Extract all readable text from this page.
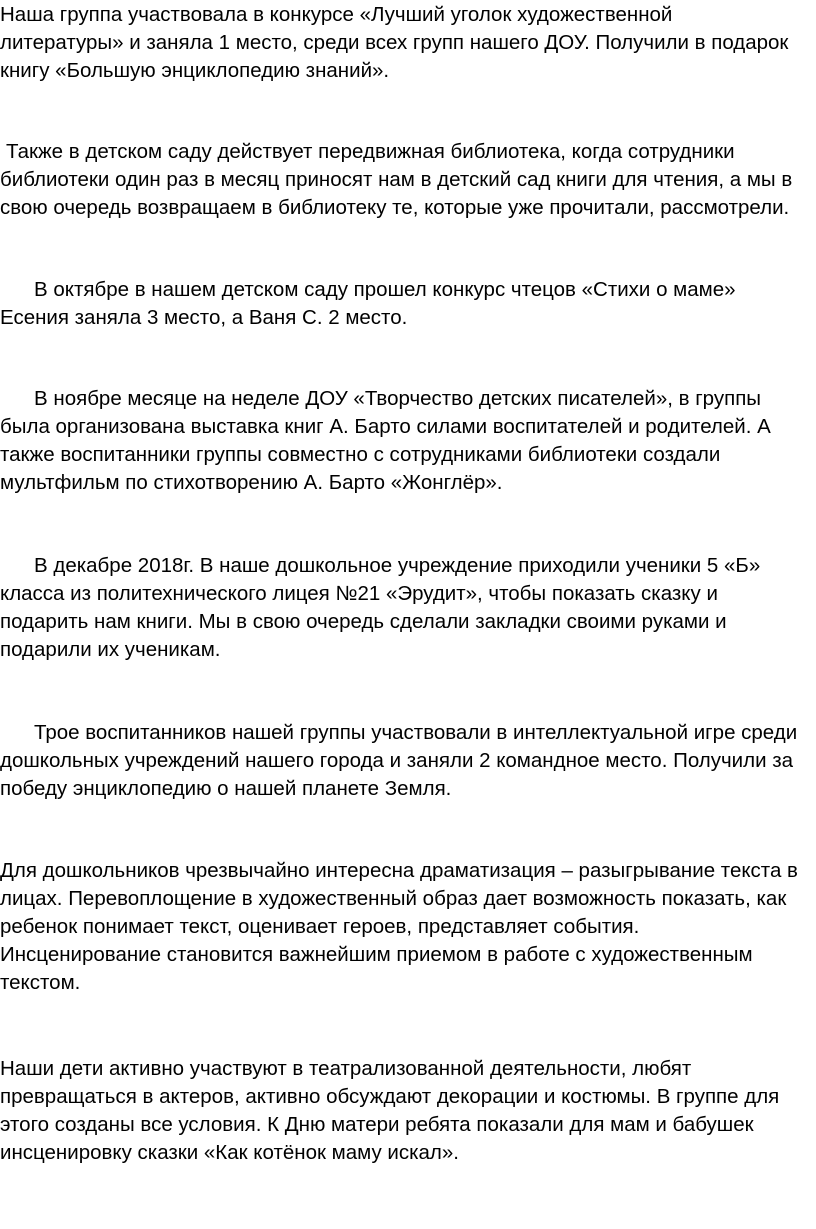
Наша группа участвовала в конкурсе «Лучший уголок художественной
литературы» и заняла 1 место, среди всех групп нашего ДОУ. Получили в подарок
книгу «Большую энциклопедию знаний».

Также в детском саду действует передвижная библиотека, когда сотрудники
библиотеки один раз в месяц приносят нам в детский сад книги для чтения, а мы в
свою очередь возвращаем в библиотеку те, которые уже прочитали, рассмотрели.

В октябре в нашем детском саду прошел конкурс чтецов «Стихи о маме»
Есения заняла 3 место, а Ваня С. 2 место.

В ноябре месяце на неделе ДОУ «Творчество детских писателей», в группы
была организована выставка книг А. Барто силами воспитателей и родителей. А
также воспитанники группы совместно с сотрудниками библиотеки создали
мультфильм по стихотворению А. Барто «Жонглёр».

В декабре 2018г. В наше дошкольное учреждение приходили ученики 5 «Б»
класса из политехнического лицея №21 «Эрудит», чтобы показать сказку и
подарить нам книги. Мы в свою очередь сделали закладки своими руками и
подарили их ученикам.

Трое воспитанников нашей группы участвовали в интеллектуальной игре среди
дошкольных учреждений нашего города и заняли 2 командное место. Получили за
победу энциклопедию о нашей планете Земля.

Для дошкольников чрезвычайно интересна драматизация – разыгрывание текста в
лицах. Перевоплощение в художественный образ дает возможность показать, как
ребенок понимает текст, оценивает героев, представляет события.
Инсценирование становится важнейшим приемом в работе с художественным
текстом.

Наши дети активно участвуют в театрализованной деятельности, любят
превращаться в актеров, активно обсуждают декорации и костюмы. В группе для
этого созданы все условия. К Дню матери ребята показали для мам и бабушек
инсценировку сказки «Как котёнок маму искал».
